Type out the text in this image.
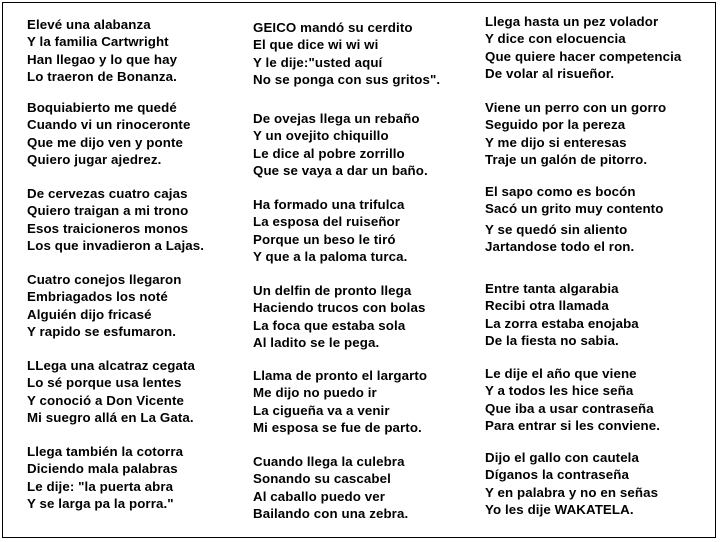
Elevé una alabanza
Y la familia Cartwright
Han llegao y lo que hay
Lo traeron de Bonanza.
Boquiabierto me quedé
Cuando vi un rinoceronte
Que me dijo ven y ponte
Quiero jugar ajedrez.
De cervezas cuatro cajas
Quiero traigan a mi trono
Esos traicioneros monos
Los que invadieron a Lajas.
Cuatro conejos llegaron
Embriagados los noté
Alguién dijo fricasé
Y rapido se esfumaron.
LLega una alcatraz cegata
Lo sé porque usa lentes
Y conoció a Don Vicente
Mi suegro allá en La Gata.
Llega también la cotorra
Diciendo mala palabras
Le dije: "la puerta abra
Y se larga pa la porra."
GEICO mandó su cerdito
El que dice wi wi wi
Y le dije:"usted aquí
No se ponga con sus gritos".
De ovejas llega un rebaño
Y un ovejito chiquillo
Le dice al pobre zorrillo
Que se vaya a dar un baño.
Ha formado una trifulca
La esposa del ruiseñor
Porque un beso le tiró
Y que a la paloma turca.
Un delfin de pronto llega
Haciendo trucos con bolas
La foca que estaba sola
Al ladito se le pega.
Llama de pronto el largarto
Me dijo no puedo ir
La cigueña va a venir
Mi esposa se fue de parto.
Cuando llega la culebra
Sonando su cascabel
Al caballo puedo ver
Bailando con una zebra.
Llega hasta un pez volador
Y dice con elocuencia
Que quiere hacer competencia
De volar al risueñor.
Viene un perro con un gorro
Seguido por la pereza
Y me dijo si enteresas
Traje un galón de pitorro.
El sapo como es bocón
Sacó un grito muy contento
Y se quedó sin aliento
Jartandose todo el ron.
Entre tanta algarabia
Recibi otra llamada
La zorra estaba enojaba
De la fiesta no sabia.
Le dije el año que viene
Y a todos les hice seña
Que iba a usar contraseña
Para entrar si les conviene.
Dijo el gallo con cautela
Díganos la contraseña
Y en palabra y no en señas
Yo les dije WAKATELA.
